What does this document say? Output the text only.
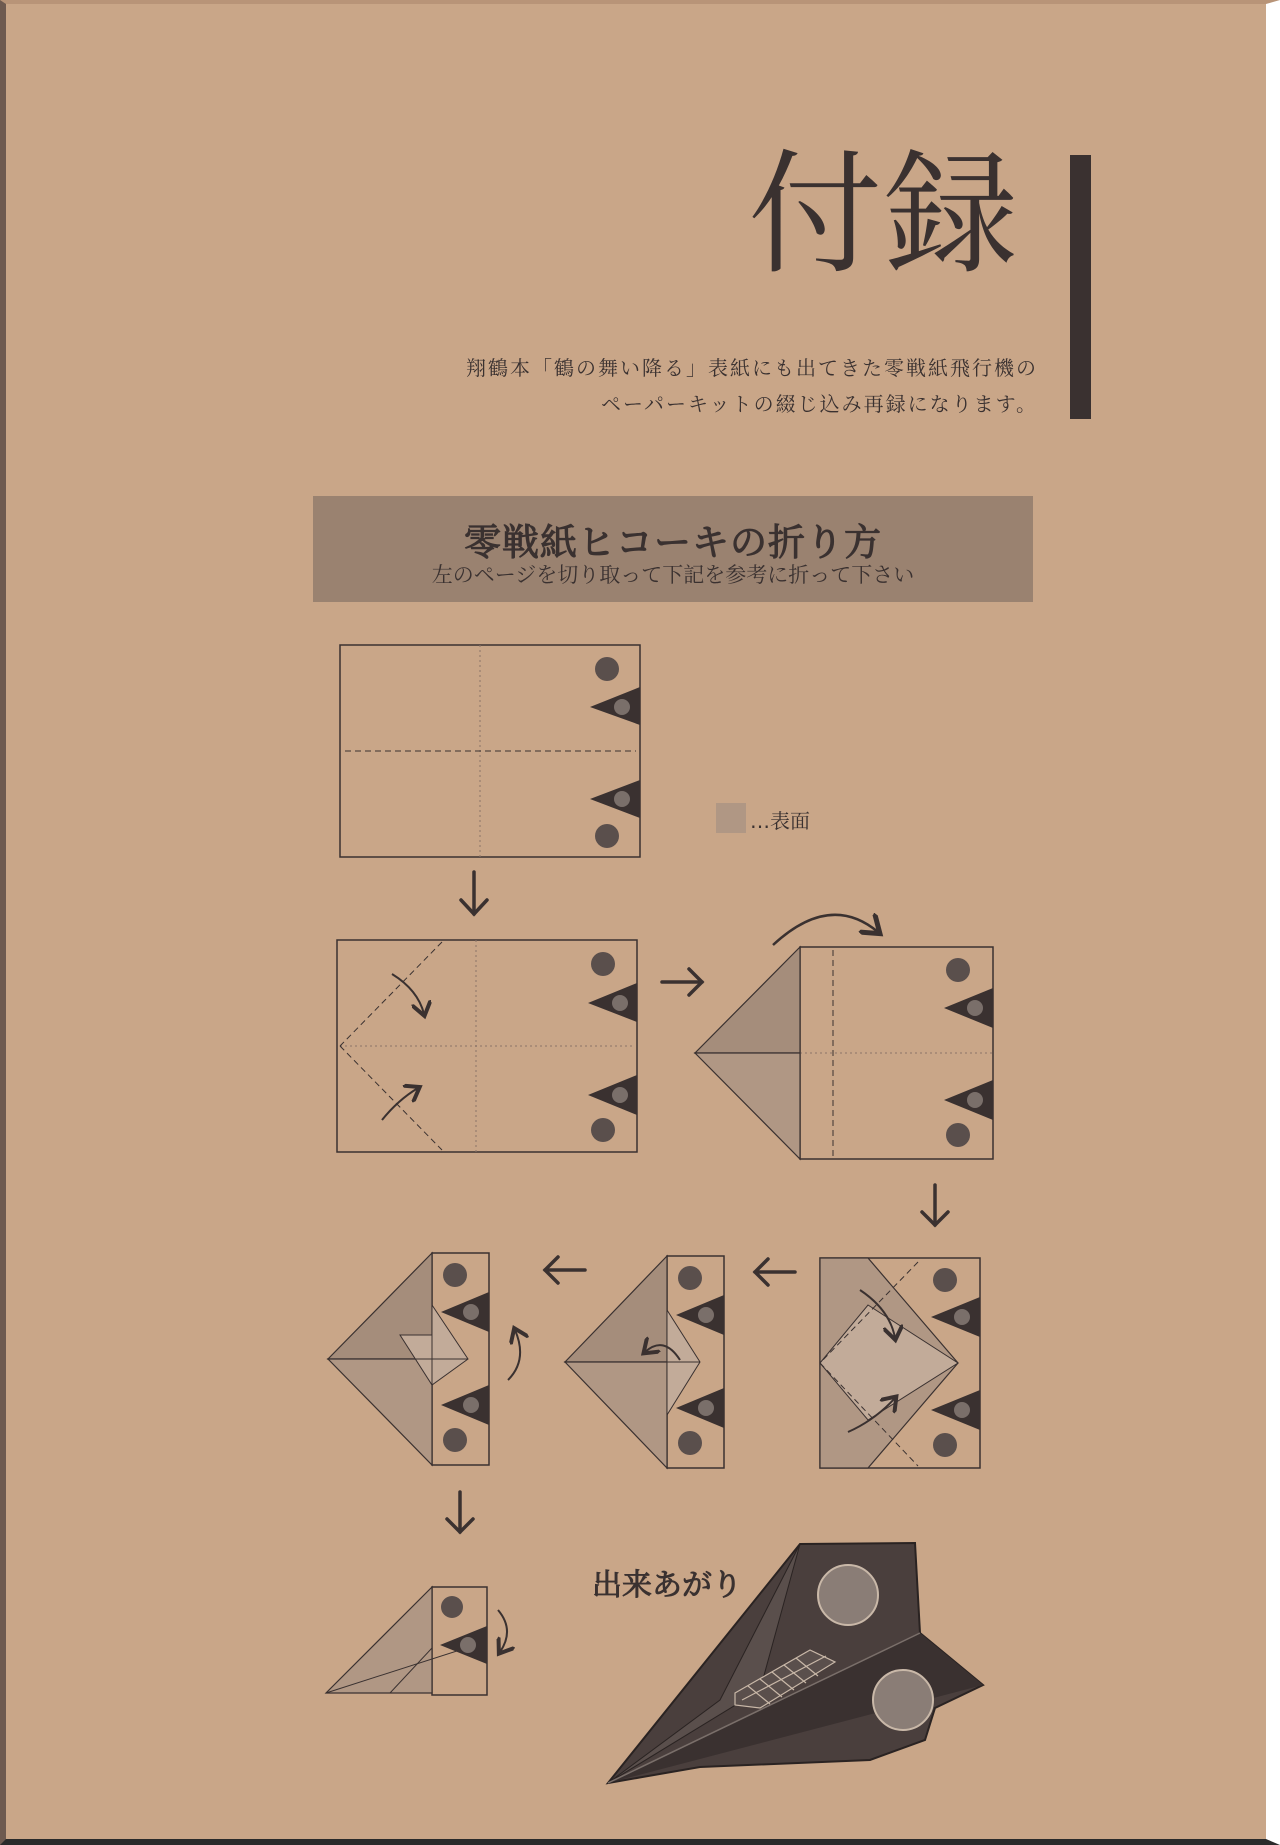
付録
翔鶴本「鶴の舞い降る」表紙にも出てきた零戦紙飛行機の
ペーパーキットの綴じ込み再録になります。
零戦紙ヒコーキの折り方
左のページを切り取って下記を参考に折って下さい
…表面
出来あがり
